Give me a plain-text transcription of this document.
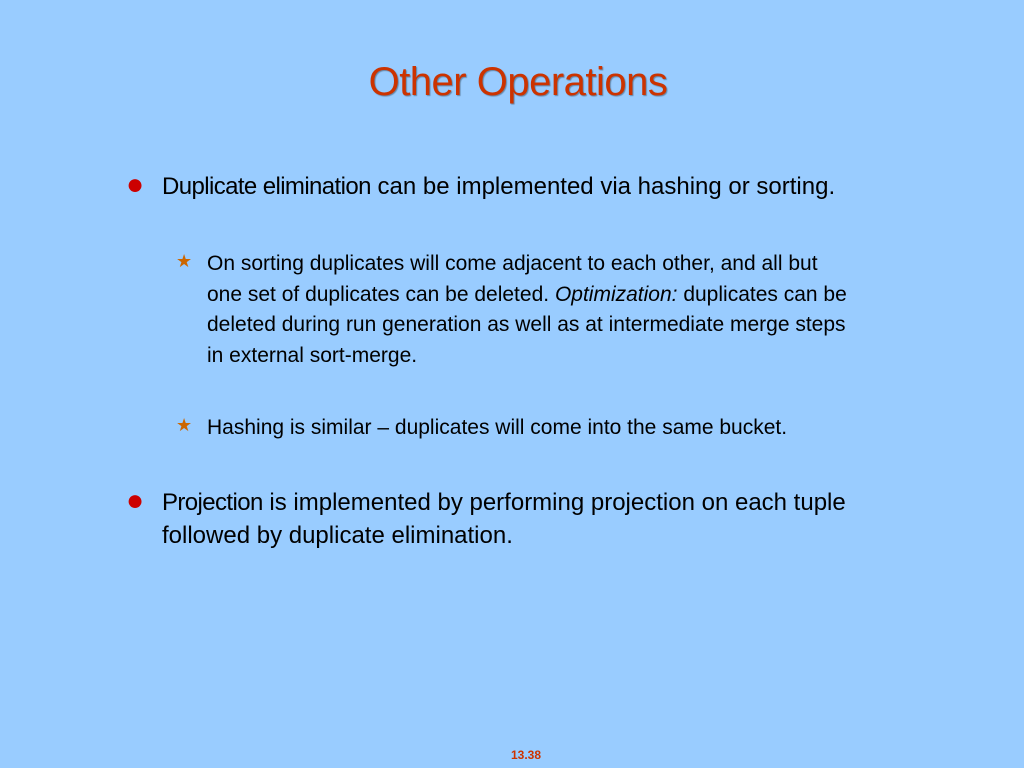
Other Operations
● Duplicate elimination can be implemented via hashing or sorting.
★ On sorting duplicates will come adjacent to each other, and all but one set of duplicates can be deleted. Optimization: duplicates can be deleted during run generation as well as at intermediate merge steps in external sort-merge.
★ Hashing is similar – duplicates will come into the same bucket.
● Projection is implemented by performing projection on each tuple followed by duplicate elimination.
13.38
